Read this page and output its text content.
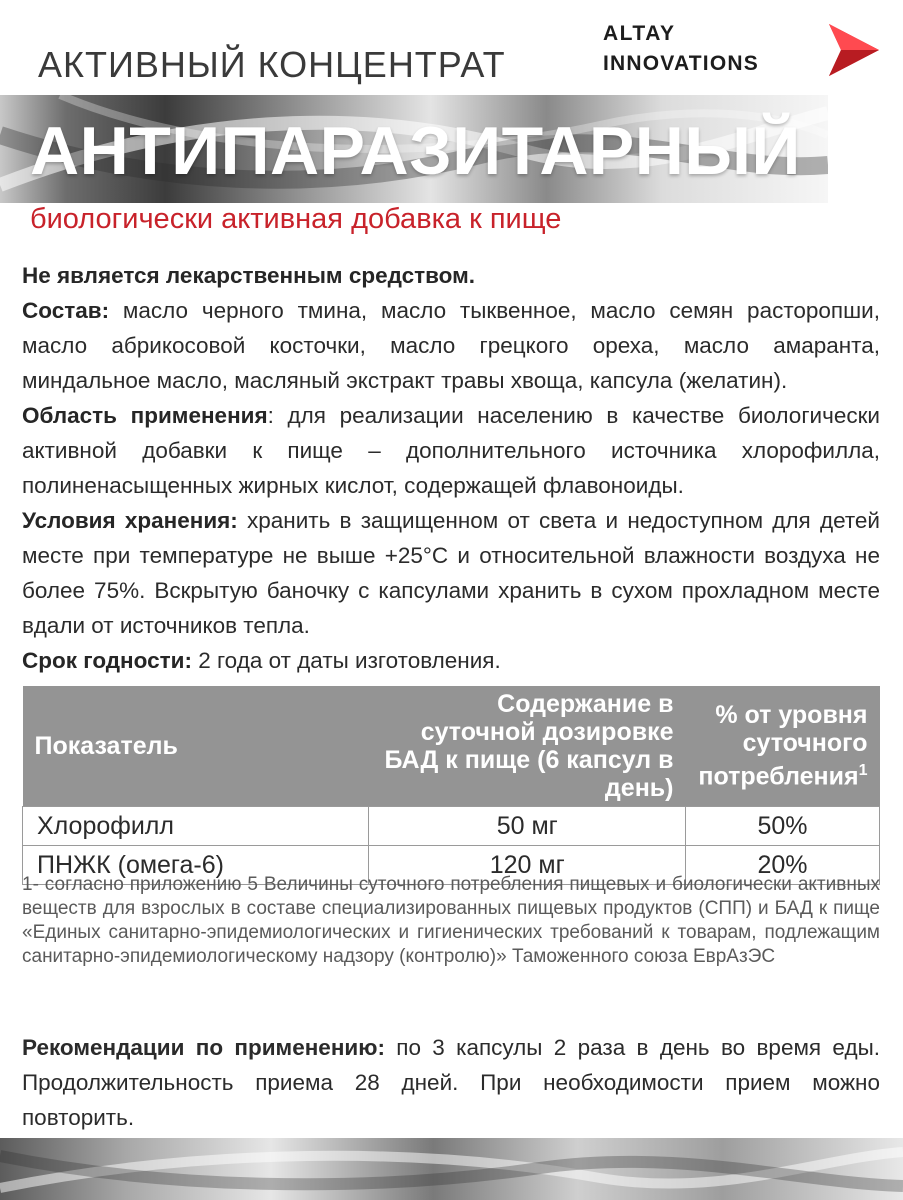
АКТИВНЫЙ КОНЦЕНТРАТ
ALTAY
INNOVATIONS
АНТИПАРАЗИТАРНЫЙ
биологически активная добавка к пище

Не является лекарственным средством.

Состав: масло черного тмина, масло тыквенное, масло семян расторопши, масло абрикосовой косточки, масло грецкого ореха, масло амаранта, миндальное масло, масляный экстракт травы хвоща, капсула (желатин).

Область применения: для реализации населению в качестве биологически активной добавки к пище – дополнительного источника хлорофилла, полиненасыщенных жирных кислот, содержащей флавоноиды.

Условия хранения: хранить в защищенном от света и недоступном для детей месте при температуре не выше +25°С и относительной влажности воздуха не более 75%. Вскрытую баночку с капсулами хранить в сухом прохладном месте вдали от источников тепла.

Срок годности: 2 года от даты изготовления.

Показатель	Содержание в суточной дозировке БАД к пище (6 капсул в день)	% от уровня суточного потребления$^1$
Хлорофилл	50 мг	50%
ПНЖК (омега-6)	120 мг	20%
1- согласно приложению 5 Величины суточного потребления пищевых и биологически активных веществ для взрослых в составе специализированных пищевых продуктов (СПП) и БАД к пище «Единых санитарно-эпидемиологических и гигиенических требований к товарам, подлежащим санитарно-эпидемиологическому надзору (контролю)» Таможенного союза ЕврАзЭС
Рекомендации по применению: по 3 капсулы 2 раза в день во время еды. Продолжительность приема 28 дней. При необходимости прием можно повторить.
